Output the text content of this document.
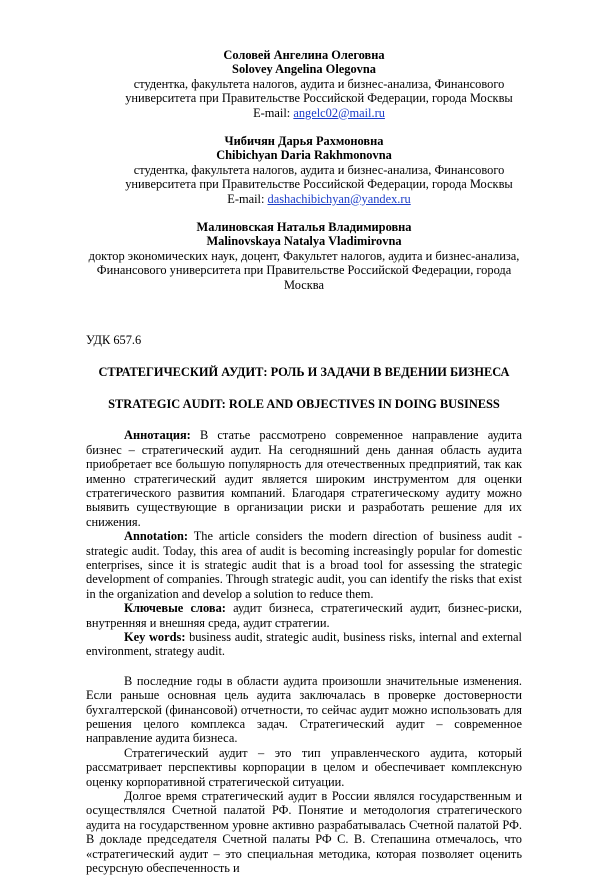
Соловей Ангелина Олеговна

Solovey Angelina Olegovna

студентка, факультета налогов, аудита и бизнес-анализа, Финансового

университета при Правительстве Российской Федерации, города Москвы

E-mail: angelc02@mail.ru

Чибичян Дарья Рахмоновна

Chibichyan Daria Rakhmonovna

студентка, факультета налогов, аудита и бизнес-анализа, Финансового

университета при Правительстве Российской Федерации, города Москвы

E-mail: dashachibichyan@yandex.ru

Малиновская Наталья Владимировна

Malinovskaya Natalya Vladimirovna

доктор экономических наук, доцент, Факультет налогов, аудита и бизнес-анализа,

Финансового университета при Правительстве Российской Федерации, города Москва

УДК 657.6

СТРАТЕГИЧЕСКИЙ АУДИТ: РОЛЬ И ЗАДАЧИ В ВЕДЕНИИ БИЗНЕСА

STRATEGIC AUDIT: ROLE AND OBJECTIVES IN DOING BUSINESS

Аннотация: В статье рассмотрено современное направление аудита бизнес – стратегический аудит. На сегодняшний день данная область аудита приобретает все большую популярность для отечественных предприятий, так как именно стратегический аудит является широким инструментом для оценки стратегического развития компаний. Благодаря стратегическому аудиту можно выявить существующие в организации риски и разработать решение для их снижения.

Annotation: The article considers the modern direction of business audit - strategic audit. Today, this area of audit is becoming increasingly popular for domestic enterprises, since it is strategic audit that is a broad tool for assessing the strategic development of companies. Through strategic audit, you can identify the risks that exist in the organization and develop a solution to reduce them.

Ключевые слова: аудит бизнеса, стратегический аудит, бизнес-риски, внутренняя и внешняя среда, аудит стратегии.

Key words: business audit, strategic audit, business risks, internal and external environment, strategy audit.

В последние годы в области аудита произошли значительные изменения. Если раньше основная цель аудита заключалась в проверке достоверности бухгалтерской (финансовой) отчетности, то сейчас аудит можно использовать для решения целого комплекса задач. Стратегический аудит – современное направление аудита бизнеса.

Стратегический аудит – это тип управленческого аудита, который рассматривает перспективы корпорации в целом и обеспечивает комплексную оценку корпоративной стратегической ситуации.

Долгое время стратегический аудит в России являлся государственным и осуществлялся Счетной палатой РФ. Понятие и методология стратегического аудита на государственном уровне активно разрабатывалась Счетной палатой РФ. В докладе председателя Счетной палаты РФ С. В. Степашина отмечалось, что «стратегический аудит – это специальная методика, которая позволяет оценить ресурсную обеспеченность и
